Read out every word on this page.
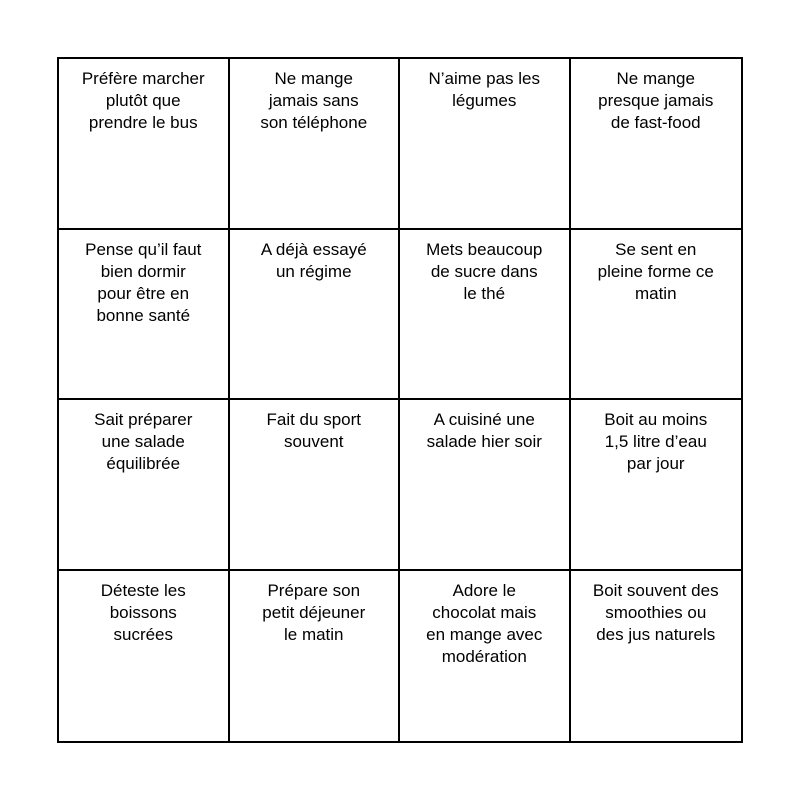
Préfère marcher
plutôt que
prendre le bus
Ne mange
jamais sans
son téléphone
N’aime pas les
légumes
Ne mange
presque jamais
de fast-food
Pense qu’il faut
bien dormir
pour être en
bonne santé
A déjà essayé
un régime
Mets beaucoup
de sucre dans
le thé
Se sent en
pleine forme ce
matin
Sait préparer
une salade
équilibrée
Fait du sport
souvent
A cuisiné une
salade hier soir
Boit au moins
1,5 litre d’eau
par jour
Déteste les
boissons
sucrées
Prépare son
petit déjeuner
le matin
Adore le
chocolat mais
en mange avec
modération
Boit souvent des
smoothies ou
des jus naturels
